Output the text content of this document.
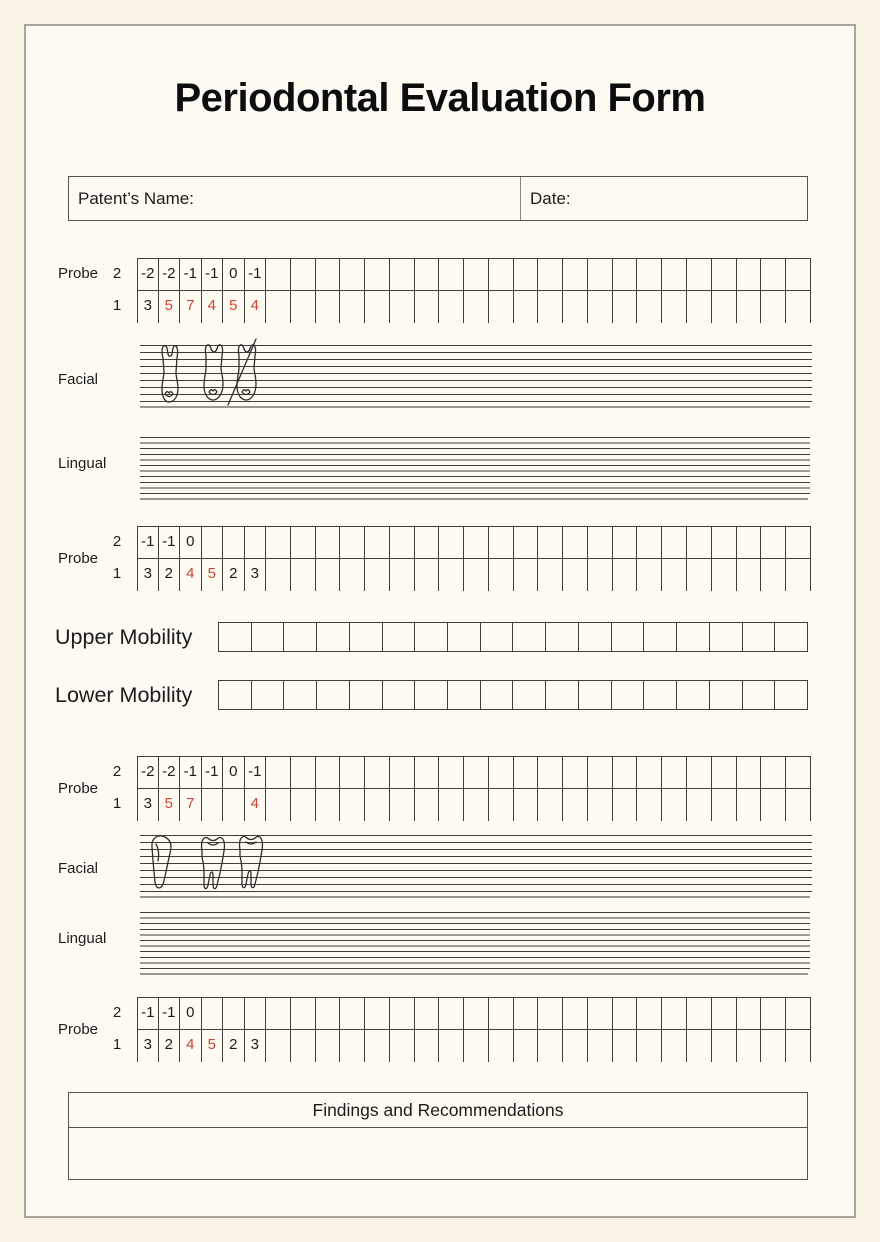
Periodontal Evaluation Form
Patent’s Name:	Date:
Probe 2
1
-2 -2 -1 -1 0 -1
3 5 7 4 5 4
Facial
Lingual
Probe
2
1
-1 -1 0
3 2 4 5 2 3
Upper Mobility
Lower Mobility
Probe
2
1
-2 -2 -1 -1 0 -1
3 5 7	4
Facial
Lingual
Probe
2
1
-1 -1 0
3 2 4 5 2 3
Findings and Recommendations
